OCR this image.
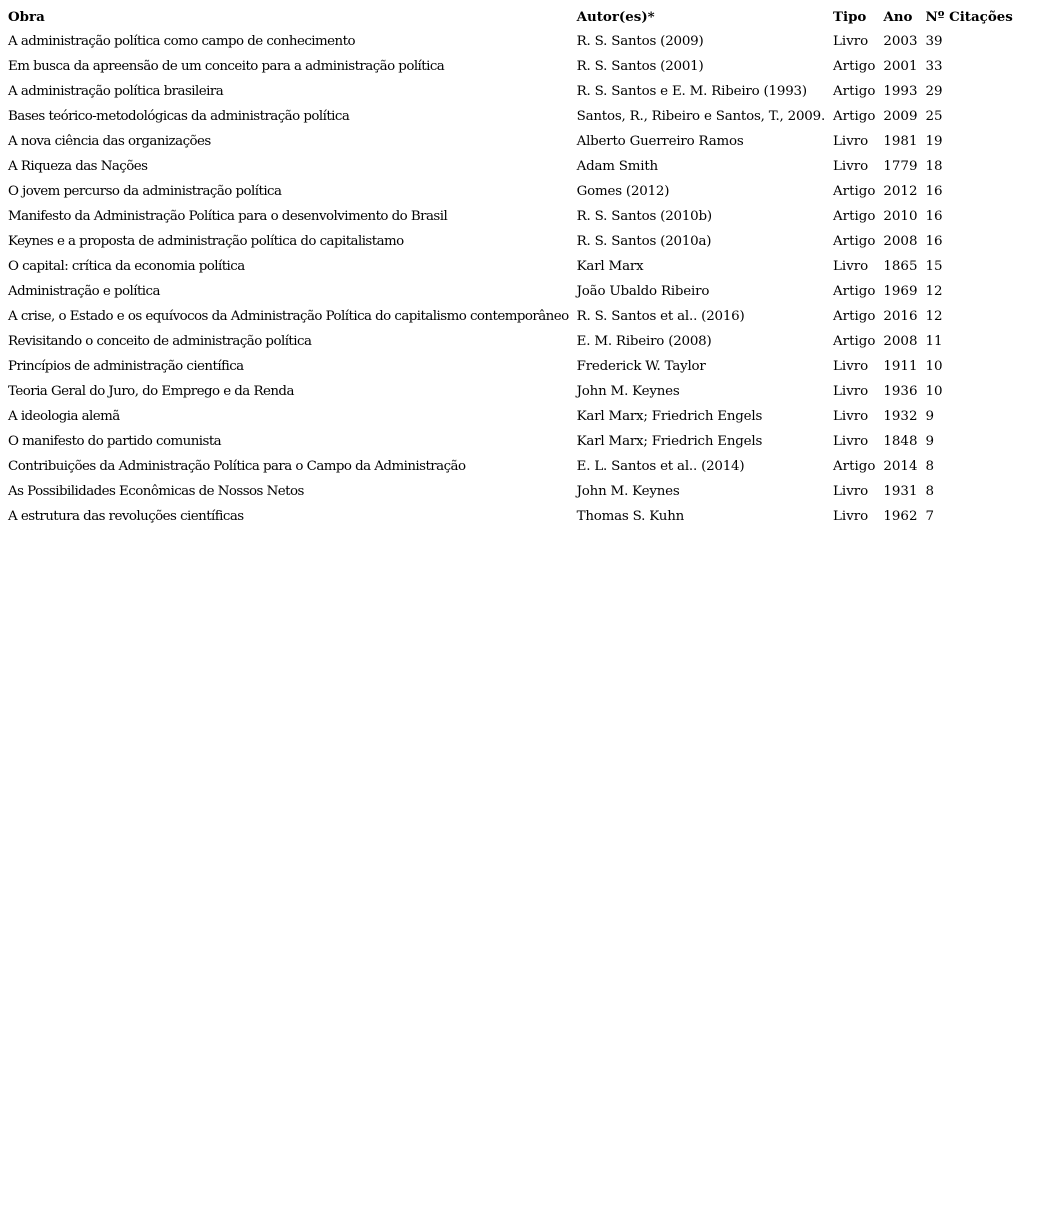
Obra	Autor(es)*	Tipo	Ano	Nº Citações
A administração política como campo de conhecimento	R. S. Santos (2009)	Livro	2003	39
Em busca da apreensão de um conceito para a administração política	R. S. Santos (2001)	Artigo	2001	33
A administração política brasileira	R. S. Santos e E. M. Ribeiro (1993)	Artigo	1993	29
Bases teórico-metodológicas da administração política	Santos, R., Ribeiro e Santos, T., 2009.	Artigo	2009	25
A nova ciência das organizações	Alberto Guerreiro Ramos	Livro	1981	19
A Riqueza das Nações	Adam Smith	Livro	1779	18
O jovem percurso da administração política	Gomes (2012)	Artigo	2012	16
Manifesto da Administração Política para o desenvolvimento do Brasil	R. S. Santos (2010b)	Artigo	2010	16
Keynes e a proposta de administração política do capitalistamo	R. S. Santos (2010a)	Artigo	2008	16
O capital: crítica da economia política	Karl Marx	Livro	1865	15
Administração e política	João Ubaldo Ribeiro	Artigo	1969	12
A crise, o Estado e os equívocos da Administração Política do capitalismo contemporâneo	R. S. Santos et al.. (2016)	Artigo	2016	12
Revisitando o conceito de administração política	E. M. Ribeiro (2008)	Artigo	2008	11
Princípios de administração científica	Frederick W. Taylor	Livro	1911	10
Teoria Geral do Juro, do Emprego e da Renda	John M. Keynes	Livro	1936	10
A ideologia alemã	Karl Marx; Friedrich Engels	Livro	1932	9
O manifesto do partido comunista	Karl Marx; Friedrich Engels	Livro	1848	9
Contribuições da Administração Política para o Campo da Administração	E. L. Santos et al.. (2014)	Artigo	2014	8
As Possibilidades Econômicas de Nossos Netos	John M. Keynes	Livro	1931	8
A estrutura das revoluções científicas	Thomas S. Kuhn	Livro	1962	7
